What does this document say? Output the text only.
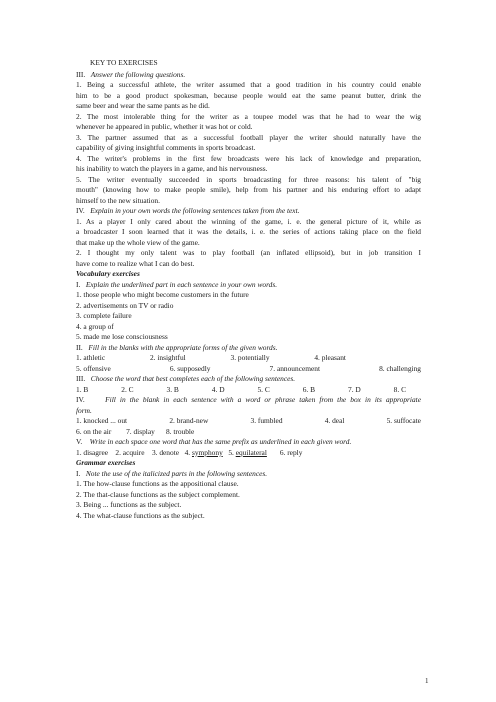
KEY TO EXERCISES
III. Answer the following questions.
1. Being a successful athlete, the writer assumed that a good tradition in his country could enable
him to be a good product spokesman, because people would eat the same peanut butter, drink the
same beer and wear the same pants as he did.
2. The most intolerable thing for the writer as a toupee model was that he had to wear the wig
whenever he appeared in public, whether it was hot or cold.
3. The partner assumed that as a successful football player the writer should naturally have the
capability of giving insightful comments in sports broadcast.
4. The writer's problems in the first few broadcasts were his lack of knowledge and preparation,
his inability to watch the players in a game, and his nervousness.
5. The writer eventually succeeded in sports broadcasting for three reasons: his talent of "big
mouth" (knowing how to make people smile), help from his partner and his enduring effort to adapt
himself to the new situation.
IV. Explain in your own words the following sentences taken from the text.
1. As a player I only cared about the winning of the game, i. e. the general picture of it, while as
a broadcaster I soon learned that it was the details, i. e. the series of actions taking place on the field
that make up the whole view of the game.
2. I thought my only talent was to play football (an inflated ellipsoid), but in job transition I
have come to realize what I can do best.
Vocabulary exercises
I. Explain the underlined part in each sentence in your own words.
1. those people who might become customers in the future
2. advertisements on TV or radio
3. complete failure
4. a group of
5. made me lose consciousness
II. Fill in the blanks with the appropriate forms of the given words.
1. athletic	2. insightful	3. potentially	4. pleasant
5. offensive	6. supposedly	7. announcement	8. challenging
III. Choose the word that best completes each of the following sentences.
1. B	2. C	3. B	4. D	5. C	6. B	7. D	8. C
IV.	Fill in the blank in each sentence with a word or phrase taken from the box in its appropriate
form.
1. knocked ... out	2. brand-new	3. fumbled	4. deal	5. suffocate
6. on the air 7. display 8. trouble
V. Write in each space one word that has the same prefix as underlined in each given word.
1. disagree 2. acquire 3. denote 4. symphony 5. equilateral 6. reply
Grammar exercises
I. Note the use of the italicized parts in the following sentences.
1. The how-clause functions as the appositional clause.
2. The that-clause functions as the subject complement.
3. Being ... functions as the subject.
4. The what-clause functions as the subject.
1
